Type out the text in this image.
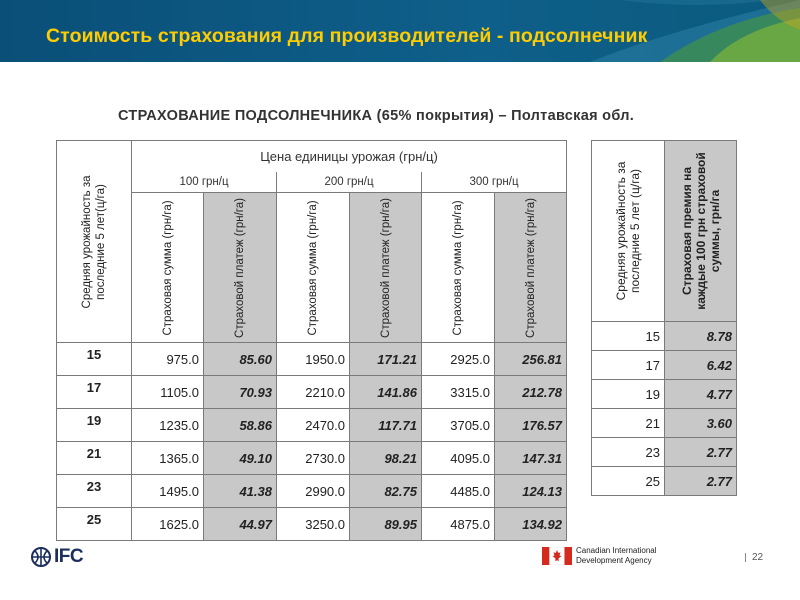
Стоимость страхования для производителей - подсолнечник
СТРАХОВАНИЕ ПОДСОЛНЕЧНИКА (65% покрытия) – Полтавская обл.
Средняя урожайность за последние 5 лет(ц/га)	Цена единицы урожая (грн/ц)					
	100 грн/ц		200 грн/ц		300 грн/ц	

	Страховая сумма (грн/га)	Страховой платеж (грн/га)	Страховая сумма (грн/га)	Страховой платеж (грн/га)	Страховая сумма (грн/га)	Страховой платеж (грн/га)

15	975.0	85.60	1950.0	171.21	2925.0	256.81
17	1105.0	70.93	2210.0	141.86	3315.0	212.78
19	1235.0	58.86	2470.0	117.71	3705.0	176.57
21	1365.0	49.10	2730.0	98.21	4095.0	147.31
23	1495.0	41.38	2990.0	82.75	4485.0	124.13
25	1625.0	44.97	3250.0	89.95	4875.0	134.92
Средняя урожайность за последние 5 лет (ц/га)	Страховая премия на каждые 100 грн страховой суммы, грн/га

15	8.78
17	6.42
19	4.77
21	3.60
23	2.77
25	2.77
IFC	Canadian International
Development Agency	22
